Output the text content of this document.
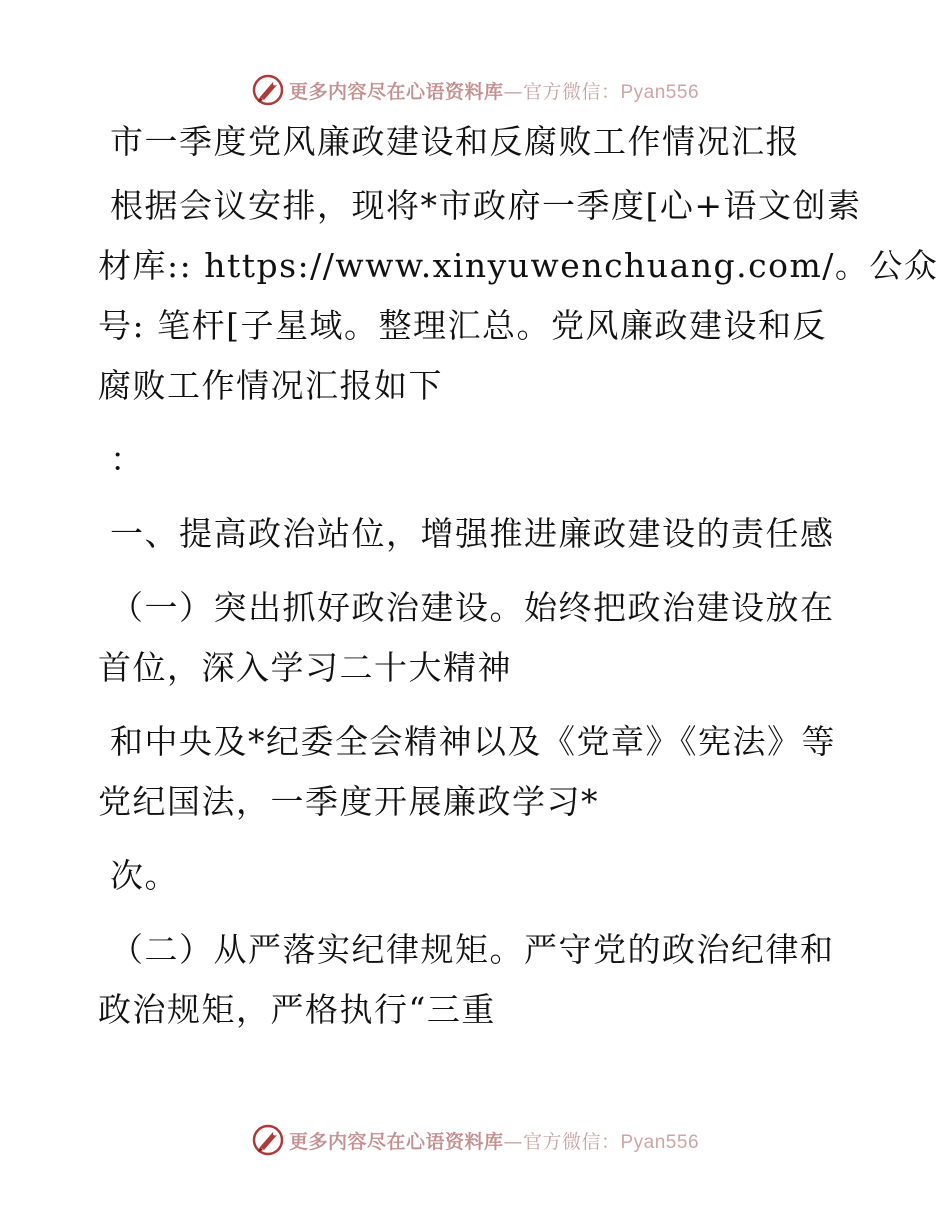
更多内容尽在心语资料库—官方微信：Pyan556
市一季度党风廉政建设和反腐败工作情况汇报
根据会议安排，现将*市政府一季度[心+语文创素
材库:: https://www.xinyuwenchuang.com/。公众
号: 笔杆[子星域。整理汇总。党风廉政建设和反
腐败工作情况汇报如下
：
一、提高政治站位，增强推进廉政建设的责任感
（一）突出抓好政治建设。始终把政治建设放在
首位，深入学习二十大精神
和中央及*纪委全会精神以及《党章》《宪法》等
党纪国法，一季度开展廉政学习*
次。
（二）从严落实纪律规矩。严守党的政治纪律和
政治规矩，严格执行“三重
更多内容尽在心语资料库—官方微信：Pyan556
